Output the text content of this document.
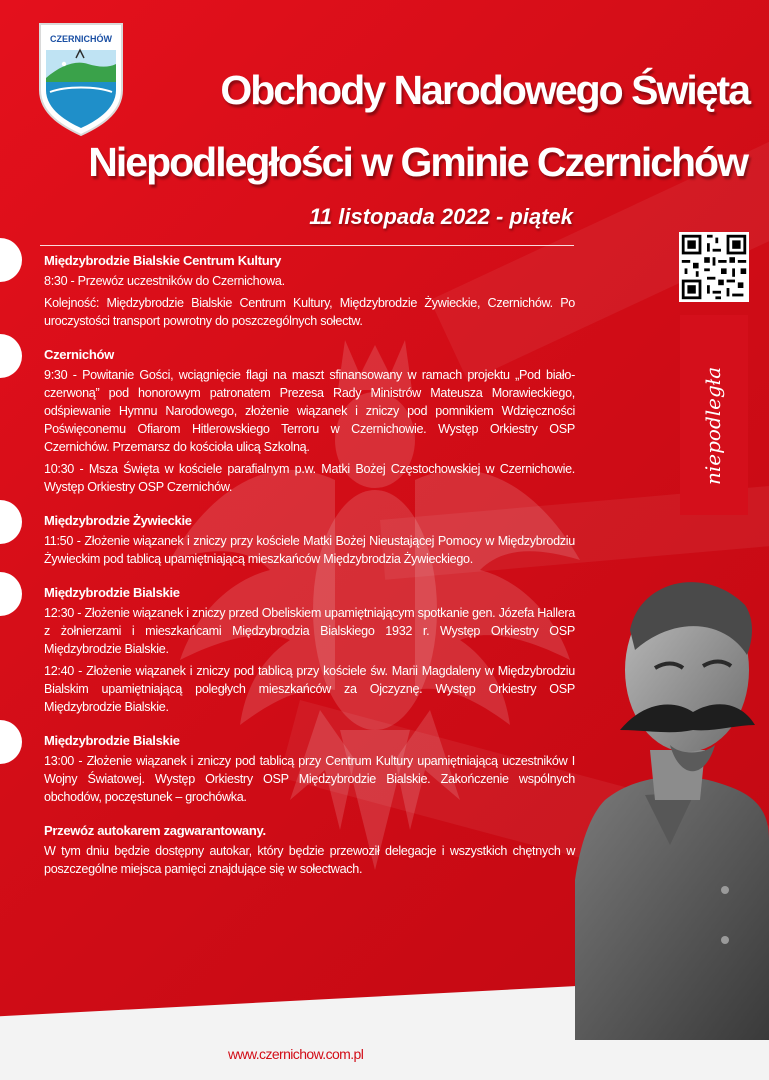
CZERNICHÓW
Obchody Narodowego Święta
Niepodległości w Gminie Czernichów
11 listopada 2022 - piątek
niepodległa
Międzybrodzie Bialskie Centrum Kultury

8:30 - Przewóz uczestników do Czernichowa.

Kolejność: Międzybrodzie Bialskie Centrum Kultury, Międzybrodzie Żywieckie, Czernichów. Po uroczystości transport powrotny do poszczególnych sołectw.

Czernichów

9:30 - Powitanie Gości, wciągnięcie flagi na maszt sfinansowany w ramach projektu „Pod biało-czerwoną” pod honorowym patronatem Prezesa Rady Ministrów Mateusza Morawieckiego, odśpiewanie Hymnu Narodowego, złożenie wiązanek i zniczy pod pomnikiem Wdzięczności Poświęconemu Ofiarom Hitlerowskiego Terroru w Czernichowie. Występ Orkiestry OSP Czernichów. Przemarsz do kościoła ulicą Szkolną.

10:30 - Msza Święta w kościele parafialnym p.w. Matki Bożej Częstochowskiej w Czernichowie. Występ Orkiestry OSP Czernichów.

Międzybrodzie Żywieckie

11:50 - Złożenie wiązanek i zniczy przy kościele Matki Bożej Nieustającej Pomocy w Międzybrodziu Żywieckim pod tablicą upamiętniającą mieszkańców Międzybrodzia Żywieckiego.

Międzybrodzie Bialskie

12:30 - Złożenie wiązanek i zniczy przed Obeliskiem upamiętniającym spotkanie gen. Józefa Hallera z żołnierzami i mieszkańcami Międzybrodzia Bialskiego 1932 r. Występ Orkiestry OSP Międzybrodzie Bialskie.

12:40 - Złożenie wiązanek i zniczy pod tablicą przy kościele św. Marii Magdaleny w Międzybrodziu Bialskim upamiętniającą poległych mieszkańców za Ojczyznę. Występ Orkiestry OSP Międzybrodzie Bialskie.

Międzybrodzie Bialskie

13:00 - Złożenie wiązanek i zniczy pod tablicą przy Centrum Kultury upamiętniającą uczestników I Wojny Światowej. Występ Orkiestry OSP Międzybrodzie Bialskie. Zakończenie wspólnych obchodów, poczęstunek – grochówka.

Przewóz autokarem zagwarantowany.

W tym dniu będzie dostępny autokar, który będzie przewoził delegacje i wszystkich chętnych w poszczególne miejsca pamięci znajdujące się w sołectwach.

www.czernichow.com.pl
